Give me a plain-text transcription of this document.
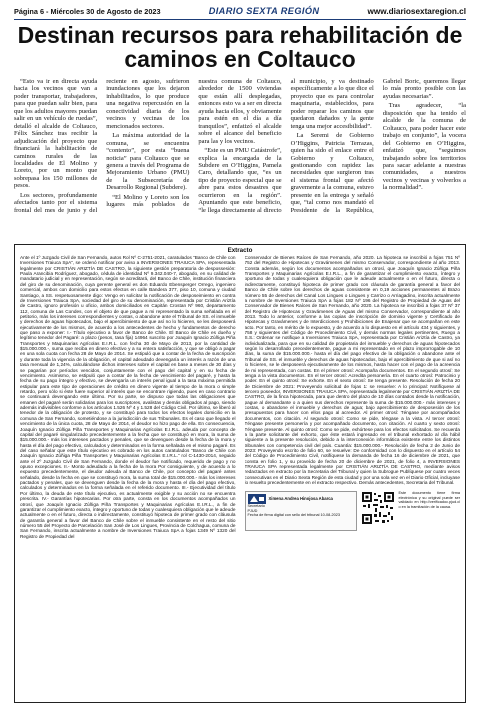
Página 6 - Miércoles 30 de Agosto de 2023	DIARIO SEXTA REGIÓN	www.diariosextaregion.cl
Destinan recursos para rehabilitación de caminos en Coltauco

“Esto va ir en directa ayuda hacia los vecinos que van a poder transportar, trabajadores, para que puedan salir bien, para que los adultos mayores puedan salir en un vehículo de ruedas”, detalló el alcalde de Coltauco, Félix Sánchez tras recibir la adjudicación del proyecto que financiará la habilitación de caminos rurales de las localidades de El Molino y Loreto, por un monto que sobrepasa los 150 millones de pesos.

Los sectores, profundamente afectados tanto por el sistema frontal del mes de junio y del reciente en agosto, sufrieron inundaciones que los dejaron inhabilitados, lo que produce una negativa repercusión en la conectividad diaria de los vecinos y vecinas de los mencionados sectores.

La máxima autoridad de la comuna, se encuentra “contento”, por esta “buena noticia” para Coltauco que se genera a través del Programa de Mejoramiento Urbano (PMU) de la Subsecretaría de Desarrollo Regional (Subdere).

“El Molino y Loreto son los lugares más poblados de nuestra comuna de Coltauco, alrededor de 1500 viviendas que están allí desplegadas, entonces esto va a ser en directa ayuda hacia ellos, y obviamente para estén en el día a día tranquilos”, enfatizó el alcalde sobre el alcance del beneficio para las y los vecinos.

“Este es un PMU Catástrofe”, explica la encargada de la Subdere en O’Higgins, Pamela Caro, detallando que, “es un tipo de proyecto especial que se abre para estos desastres que ocurrieron en la región”. Apuntando que este beneficio, “le llega directamente al directo al municipio, y va destinado específicamente a lo que dice el proyecto que es para controlar maquinaria, establecidos, para poder reparar los caminos que quedaron dañados y la gente tenga una mejor accesibilidad”.

La Seremi de Gobierno O’Higgins, Patricia Terrazas, quien ha sido el enlace entre el Gobierno y Coltauco, gestionando con rapidez las necesidades que surgieron tras el sistema frontal que afectó gravemente a la comuna, estuvo presente en la entrega y señaló que, “tal como nos mandató el Presidente de la República, Gabriel Boric, queremos llegar lo más pronto posible con las ayudas necesarias”.

Tras agradecer, “la disposición que ha tenido el alcalde de la comuna de Coltauco, para poder hacer este trabajo en conjunto”, la vocera del Gobierno en O’Higgins, enfatizó que, “seguimos trabajando sobre los territorios para sacar adelante a nuestras comunidades, a nuestros vecinos y vecinas y volverlos a la normalidad”.

Extracto

Ante el 1º Juzgado Civil de San Fernando, autos Rol Nº C-2751-2021, caratulados “Banco de Chile con Inversiones Traiuca SpA”, se ordenó notificar por aviso a INVERSIONES TRAIUCA SPA, representada legalmente por CRISTIÁN ARIZTÍA DE CASTRO, la siguiente gestión preparatoria de despossesión: Paula Arancibia Rodríguez, abogado, cédula de identidad Nº 9.342.040-7, abogado, en su calidad de mandatario judicial y en representación, según se acreditará, del Banco de Chile, institución financiera del giro de su denominación, cuya gerente general es don Eduardo Ebensperger Orrego, ingeniero comercial, ambos con domicilio para estos efectos en calle Bandera 377, piso 10, comuna y ciudad Santiago, a SS. respetuosamente digo: Vengo en solicitar la notificación de desposeimiento en contra de Inversiones Traiuca SpA, sociedad del giro de su denominación, representada por Cristián Ariztía de Castro, ignoro profesión u oficio, ambos domiciliados en Capitán Crostan Nº 960, departamento 112, comuna de Las Condes, con el objeto de que pague a mi representado la suma señalada en el petitorio, más los intereses correspondientes y costas, o abandone ante el Tribunal de SS. el inmueble y derechos de aguas hipotecados, bajo el apercibimiento de que así no lo hicieren, se les desposeerá ejecutivamente de los mismos, de acuerdo a los antecedentes de hecho y fundamentos de derecho que paso a exponer: I.- Título ejecutivo a favor de Banco de Chile. El Banco de Chile es dueño y legítimo tenedor del Pagaré: a plazo (pesos, tasa fija) 14964 suscrito por Joaquín Ignacio Zúñiga Piña Transportes y Maquinarias Agrícolas E.I.R.L. con fecha 30 de Mayo de 2013, por la cantidad de $15.000.000.-, suma que reciba en dinero efectivo y a su entera satisfacción, y que se obligó a pagar en una sola cuota con fecha 28 de Mayo de 2014. Se estipuló que a contar de la fecha de suscripción y durante toda la vigencia de la obligación, el capital adeudado devengaría un interés a razón de una tasa mensual de 1,24%, calculándose dichos intereses sobre el capital en base a meses de 30 días y se pagarían por períodos vencidos, conjuntamente con el pago del capital y en su fecha de vencimiento. Asimismo, se estipuló que a contar de la fecha de vencimiento del pagaré, y hasta la fecha de su pago íntegro y efectivo, se devengaría un interés penal igual a la tasa máxima permitida estipular para este tipo de operaciones de crédito en dinero vigente al tiempo de la mora o simple retardo, pero sólo si éste fuere superior al interés que se encontrare rigiendo, pues en caso contrario se continuará devengando este último. Por su parte, se dispuso que todas las obligaciones que emanen del pagaré serán solidarias para los suscriptores, avalistas y demás obligados al pago, siendo además indivisibles conforme a los artículos 1.526 Nº 4 y 1.528 del Código Civil. Por último, se liberó al tenedor de la obligación de protesto, y se constituyó para todos los efectos legales domicilio en la comuna de San Fernando, sometiéndose a la jurisdicción de sus Tribunales. Es el caso que llegado el vencimiento de la única cuota, 28 de Mayo de 2014, el deudor no hizo pago de ella. En consecuencia, Joaquín Ignacio Zúñiga Piña Transportes y Maquinarias Agrícolas E.I.R.L. adeuda por concepto de capital del pagaré singularizado precedentemente a la fecha que se constituyó en mora, la suma de $15.000.000.- más los intereses pactados y penales, que se devenguen desde la fecha de la mora y hasta el día del pago efectivo, calculados y determinados en la forma señalada en el mismo pagaré. Es del caso señalar que este título ejecutivo es cobrado en los autos caratulados “Banco de Chile con Joaquín Ignacio Zúñiga Piña Transportes y Maquinarias Agrícolas E.I.R.L.” rol C-1430-2014, seguido ante el 2º Juzgado Civil de San Fernando, donde el deudor fue notificado, requerido de pago y no opuso excepciones. II.- Monto adeudado a la fecha de la mora Por consiguiente, y de acuerdo a lo expuesto precedentemente, el deudor adeuda al Banco de Chile, por concepto del pagaré antes señalado, desde la fecha en que se constituyó mora, la suma total de $15.000.000.- más los intereses pactados y penales, que se devenguen desde la fecha de la mora y hasta el día del pago efectivo, calculados y determinados en la forma señalada en el referido documento. III.- Ejecutividad del título Por último, la deuda de este título ejecutivo, es actualmente exigible y su acción no se encuentra prescrita. IV.- Garantías hipotecarias. Por otra parte, consta en los documentos acompañados un otrosí, que Joaquín Ignacio Zúñiga Piña Transportes y Maquinarias Agrícolas E.I.R.L., a fin de garantizar el cumplimiento exacto, íntegro y oportuno de todas y cualesquiera obligación que le adeude actualmente o en el futuro, directa o indirectamente, constituyó hipoteca de primer grado con cláusula de garantía general a favor del Banco de Chile sobre el inmueble consistente en el resto del sitio número 55 del Proyecto de Parcelación San José de Los Lingues, Provincia de Colchagua, comuna de San Fernando, inscrita actualmente a nombre de Inversiones Traiuca SpA a fojas 1349 Nº 1320 del Registro de Propiedad del

Conservador de Bienes Raíces de San Fernando, año 2020. La hipoteca se inscribió a fojas 751 Nº 752 del Registro de Hipotecas y Gravámenes del mismo Conservador, correspondiente al año 2013. Consta además, según los documentos acompañados un otrosí, que Joaquín Ignacio Zúñiga Piña Transportes y Maquinarias Agrícolas E.I.R.L., a fin de garantizar el cumplimiento exacto, íntegro y oportuno de todas y cualesquiera obligación que le adeude actualmente o en el futuro, directa o indirectamente, constituyó hipoteca de primer grado con cláusula de garantía general a favor del Banco de Chile sobre los derechos de aguas consistente en 0,19 acciones permanentes al Brazo número 55 de derechos del Canal Los Lingues o Lingues y Carrizo o Arriagadino, inscrita actualmente a nombre de Inversiones Traiuca SpA a fojas 182 Nº 196 del Registro de Propiedad de Aguas del Conservador de Bienes Raíces de San Fernando, año 2020. La hipoteca se inscribió a fojas 37 Nº 37 del Registro de Hipotecas y Gravámenes de Aguas del mismo Conservador, correspondiente al año 2013. Todo lo anterior, conforme a las copias de inscripción de dominio vigente y Certificado de Hipotecas y Gravámenes y de Interdicciones y Prohibiciones de Enajenar que se acompañan en este acto. Por tanto, en mérito de lo expuesto, y de acuerdo a lo dispuesto en el artículo 434 y siguientes, y 758 y siguientes del Código de Procedimiento Civil, y demás normas legales pertinentes, Ruego a S.S.: Ordenar se notifique a Inversiones Traiuca SpA, representada por Cristián Ariztía de Castro, ya individualizada, para que en su calidad de propietaria del inmueble y derechos de aguas hipotecados según lo desarrollado precedentemente, pague a mi representado en el plazo improrrogable de 10 días, la suma de $15.000.000.- hasta el día del pago efectivo de la obligación o abandone ante el Tribunal de SS. el inmueble y derechos de aguas hipotecados, bajo el apercibimiento de que si así no lo hicieren, se le desposeerá ejecutivamente de los mismos, hasta hacer con el pago de la acreencia de mi representada, con costas. En el primer otrosí: Acompaña documentos. En el segundo otrosí: Se tenga a la vista documentos. En el tercer otrosí: Acredita personería. En el cuarto otrosí: Patrocinio y poder. En el quinto otrosí: Se exhorte. En el sexto otrosí: Se tenga presente. Resolución de fecha 20 de Diciembre de 2021: Proveyendo solicitud de fojas 1: se resuelve: A lo principal: Notifíquese al tercero poseedor, INVERSIONES TRAIUCA SPA, representada legalmente por CRISTIÁN ARIZTÍA DE CASTRO, de la finca hipotecada, para que dentro del plazo de 10 días contados desde la notificación, pague al demandante o a quien sus derechos represente la suma de $15.000.000.- más intereses y costas, o abandone el inmueble y derechos de agua; bajo apercibimiento de desposesión de los presupuestos para hacer con ellos pago al acreedor. Al primer otrosí: Téngase por acompañados documentos, con citación. Al segundo otrosí: Como se pide, téngase a la vista. Al tercer otrosí: Téngase presente personería y por acompañado documento, con citación. Al cuarto y sexto otrosí: Téngase presente. Al quinto otrosí: Como se pide, exhórtese para los efectos solicitados. Se recuerda a la parte solicitante del exhorto, que éste estará ingresado en el tribunal exhortado al día hábil siguiente a la presente resolución, debido a la interconexión informática existente entre los distintos tribunales con competencia civil del país. Cuantía: $15.000.000.- Resolución de fecha 2 de Junio de 2023: Proveyendo escrito de folio 60, se resuelve: De conformidad con lo dispuesto en el artículo 54 del Código de Procedimiento Civil, notifíquese la demanda de fecha 16 de diciembre de 2021, que consta en folio 1, y su proveído de fecha 20 de diciembre de 2021, de folio 4, a INVERSIONES TRAIUCA SPA representada legalmente por CRISTIÁN ARIZTÍA DE CASTRO, mediante avisos redactados en extracto por la Secretaria del Tribunal y quien la Subrogue Publíquese por cuatro veces consecutivas en el Diario Sexta Región de esta ciudad y por una sola vez en el Diario Oficial, incluyase lo resuelto precedentemente en el extracto respectivo. Demás antecedentes, Secretaria del Tribunal.

Ximena Andrea Hinojosa Abarca
Secretario
PJUD
Fecha de firma digital con sello del tribunal 10-08-2023
Este documento tiene firma electrónica y su original puede ser validado en http://verificadoc.pjud.cl o en la tramitación de la causa.
